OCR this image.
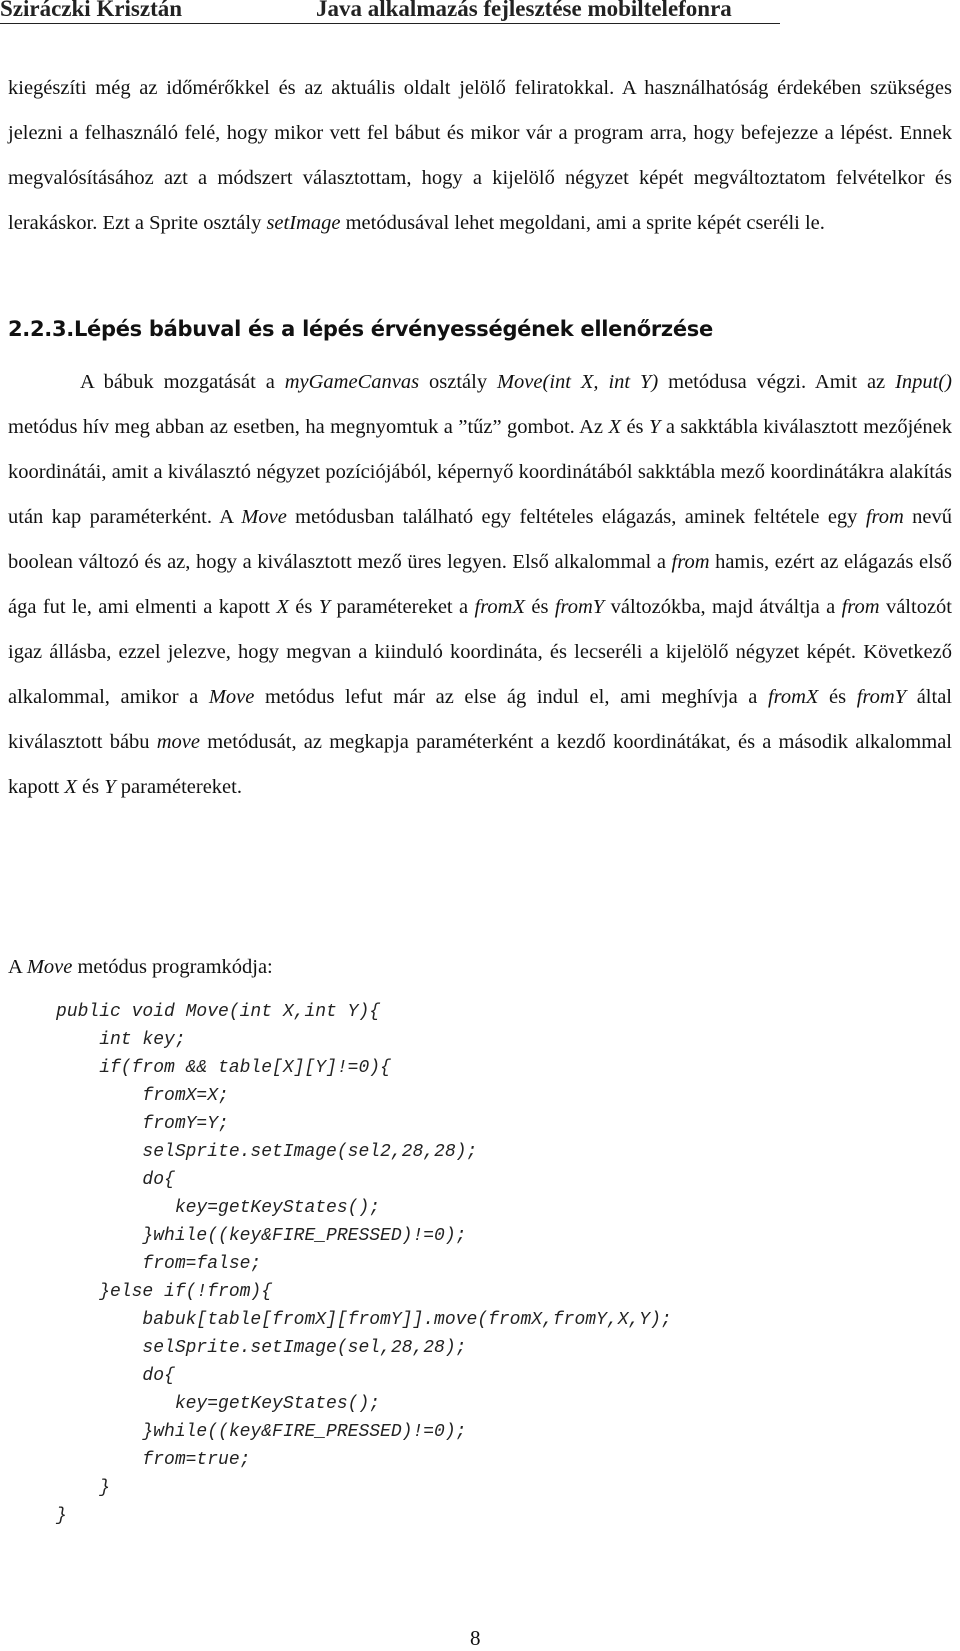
Sziráczki Krisztán	Java alkalmazás fejlesztése mobiltelefonra

kiegészíti még az időmérőkkel és az aktuális oldalt jelölő feliratokkal. A használhatóság érdekében szükséges jelezni a felhasználó felé, hogy mikor vett fel bábut és mikor vár a program arra, hogy befejezze a lépést. Ennek megvalósításához azt a módszert választottam, hogy a kijelölő négyzet képét megváltoztatom felvételkor és lerakáskor. Ezt a Sprite osztály setImage metódusával lehet megoldani, ami a sprite képét cseréli le.

2.2.3.Lépés bábuval és a lépés érvényességének ellenőrzése

A bábuk mozgatását a myGameCanvas osztály Move(int X, int Y) metódusa végzi. Amit az Input() metódus hív meg abban az esetben, ha megnyomtuk a ”tűz” gombot. Az X és Y a sakktábla kiválasztott mezőjének koordinátái, amit a kiválasztó négyzet pozíciójából, képernyő koordinátából sakktábla mező koordinátákra alakítás után kap paraméterként. A Move metódusban található egy feltételes elágazás, aminek feltétele egy from nevű boolean változó és az, hogy a kiválasztott mező üres legyen. Első alkalommal a from hamis, ezért az elágazás első ága fut le, ami elmenti a kapott X és Y paramétereket a fromX és fromY változókba, majd átváltja a from változót igaz állásba, ezzel jelezve, hogy megvan a kiinduló koordináta, és lecseréli a kijelölő négyzet képét. Következő alkalommal, amikor a Move metódus lefut már az else ág indul el, ami meghívja a fromX és fromY által kiválasztott bábu move metódusát, az megkapja paraméterként a kezdő koordinátákat, és a második alkalommal kapott X és Y paramétereket.

A Move metódus programkódja:

public void Move(int X,int Y){
int key;
if(from && table[X][Y]!=0){
fromX=X;
fromY=Y;
selSprite.setImage(sel2,28,28);
do{
key=getKeyStates();
}while((key&FIRE_PRESSED)!=0);
from=false;
}else if(!from){
babuk[table[fromX][fromY]].move(fromX,fromY,X,Y);
selSprite.setImage(sel,28,28);
do{
key=getKeyStates();
}while((key&FIRE_PRESSED)!=0);
from=true;
}
}
8
